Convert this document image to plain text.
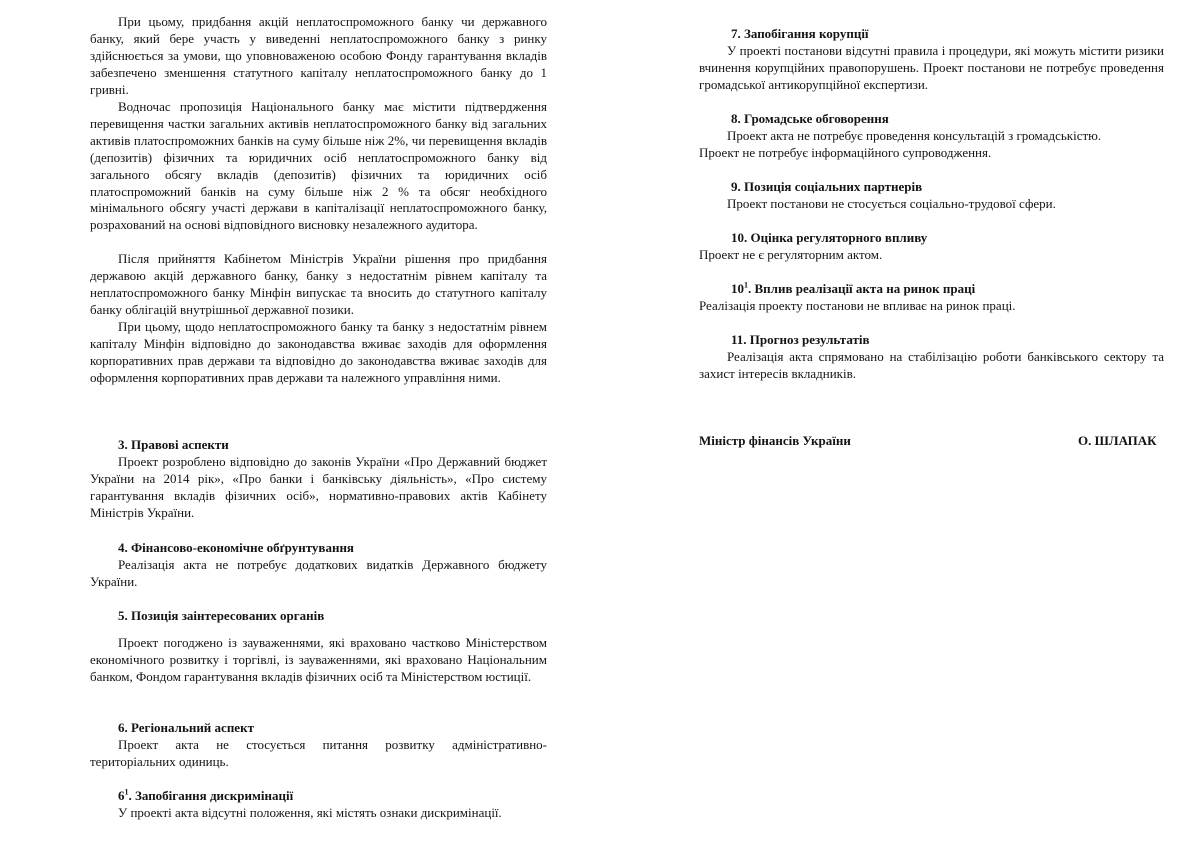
При цьому, придбання акцій неплатоспроможного банку чи державного банку, який бере участь у виведенні неплатоспроможного банку з ринку здійснюється за умови, що уповноваженою особою Фонду гарантування вкладів забезпечено зменшення статутного капіталу неплатоспроможного банку до 1 гривні.

Водночас пропозиція Національного банку має містити підтвердження перевищення частки загальних активів неплатоспроможного банку від загальних активів платоспроможних банків на суму більше ніж 2%, чи перевищення вкладів (депозитів) фізичних та юридичних осіб неплатоспроможного банку від загального обсягу вкладів (депозитів) фізичних та юридичних осіб платоспроможний банків на суму більше ніж 2 % та обсяг необхідного мінімального обсягу участі держави в капіталізації неплатоспроможного банку, розрахований на основі відповідного висновку незалежного аудитора.

Після прийняття Кабінетом Міністрів України рішення про придбання державою акцій державного банку, банку з недостатнім рівнем капіталу та неплатоспроможного банку Мінфін випускає та вносить до статутного капіталу банку облігацій внутрішньої державної позики.

При цьому, щодо неплатоспроможного банку та банку з недостатнім рівнем капіталу Мінфін відповідно до законодавства вживає заходів для оформлення корпоративних прав держави та відповідно до законодавства вживає заходів для оформлення корпоративних прав держави та належного управління ними.

3. Правові аспекти

Проект розроблено відповідно до законів України «Про Державний бюджет України на 2014 рік», «Про банки і банківську діяльність», «Про систему гарантування вкладів фізичних осіб», нормативно-правових актів Кабінету Міністрів України.

4. Фінансово-економічне обґрунтування

Реалізація акта не потребує додаткових видатків Державного бюджету України.

5. Позиція заінтересованих органів

Проект погоджено із зауваженнями, які враховано частково Міністерством економічного розвитку і торгівлі, із зауваженнями, які враховано Національним банком, Фондом гарантування вкладів фізичних осіб та Міністерством юстиції.

6. Регіональний аспект

Проект акта не стосується питання розвитку адміністративно-територіальних одиниць.

$6^1$. Запобігання дискримінації

У проекті акта відсутні положення, які містять ознаки дискримінації.

7. Запобігання корупції

У проекті постанови відсутні правила і процедури, які можуть містити ризики вчинення корупційних правопорушень. Проект постанови не потребує проведення громадської антикорупційної експертизи.

8. Громадське обговорення

Проект акта не потребує проведення консультацій з громадськістю.

Проект не потребує інформаційного супроводження.

9. Позиція соціальних партнерів

Проект постанови не стосується соціально-трудової сфери.

10. Оцінка регуляторного впливу

Проект не є регуляторним актом.

$10^1$. Вплив реалізації акта на ринок праці

Реалізація проекту постанови не впливає на ринок праці.

11. Прогноз результатів

Реалізація акта спрямовано на стабілізацію роботи банківського сектору та захист інтересів вкладників.

Міністр фінансів України	О. ШЛАПАК
